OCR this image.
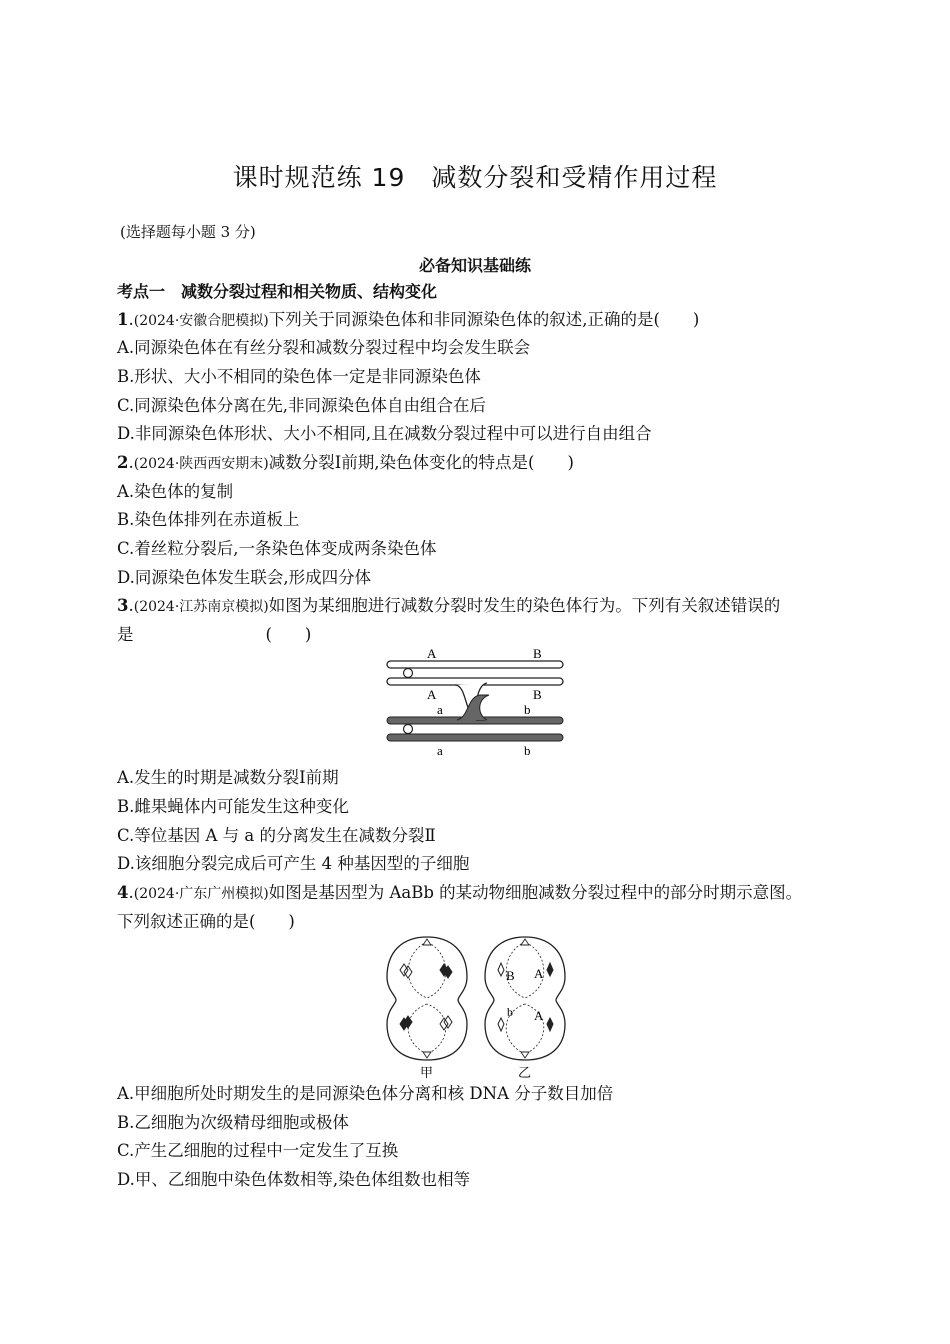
课时规范练 19　减数分裂和受精作用过程
(选择题每小题 3 分)
必备知识基础练
考点一　减数分裂过程和相关物质、结构变化
1.(2024·安徽合肥模拟)下列关于同源染色体和非同源染色体的叙述,正确的是(　　)
A.同源染色体在有丝分裂和减数分裂过程中均会发生联会
B.形状、大小不相同的染色体一定是非同源染色体
C.同源染色体分离在先,非同源染色体自由组合在后
D.非同源染色体形状、大小不相同,且在减数分裂过程中可以进行自由组合
2.(2024·陕西西安期末)减数分裂Ⅰ前期,染色体变化的特点是(　　)
A.染色体的复制
B.染色体排列在赤道板上
C.着丝粒分裂后,一条染色体变成两条染色体
D.同源染色体发生联会,形成四分体
3.(2024·江苏南京模拟)如图为某细胞进行减数分裂时发生的染色体行为。下列有关叙述错误的
是　　　　　　　　(　　)
A	B
A	B
a	b
a	b
A.发生的时期是减数分裂Ⅰ前期
B.雌果蝇体内可能发生这种变化
C.等位基因 A 与 a 的分离发生在减数分裂Ⅱ
D.该细胞分裂完成后可产生 4 种基因型的子细胞
4.(2024·广东广州模拟)如图是基因型为 AaBb 的某动物细胞减数分裂过程中的部分时期示意图。
下列叙述正确的是(　　)
甲
B A
b A
乙
A.甲细胞所处时期发生的是同源染色体分离和核 DNA 分子数目加倍
B.乙细胞为次级精母细胞或极体
C.产生乙细胞的过程中一定发生了互换
D.甲、乙细胞中染色体数相等,染色体组数也相等
